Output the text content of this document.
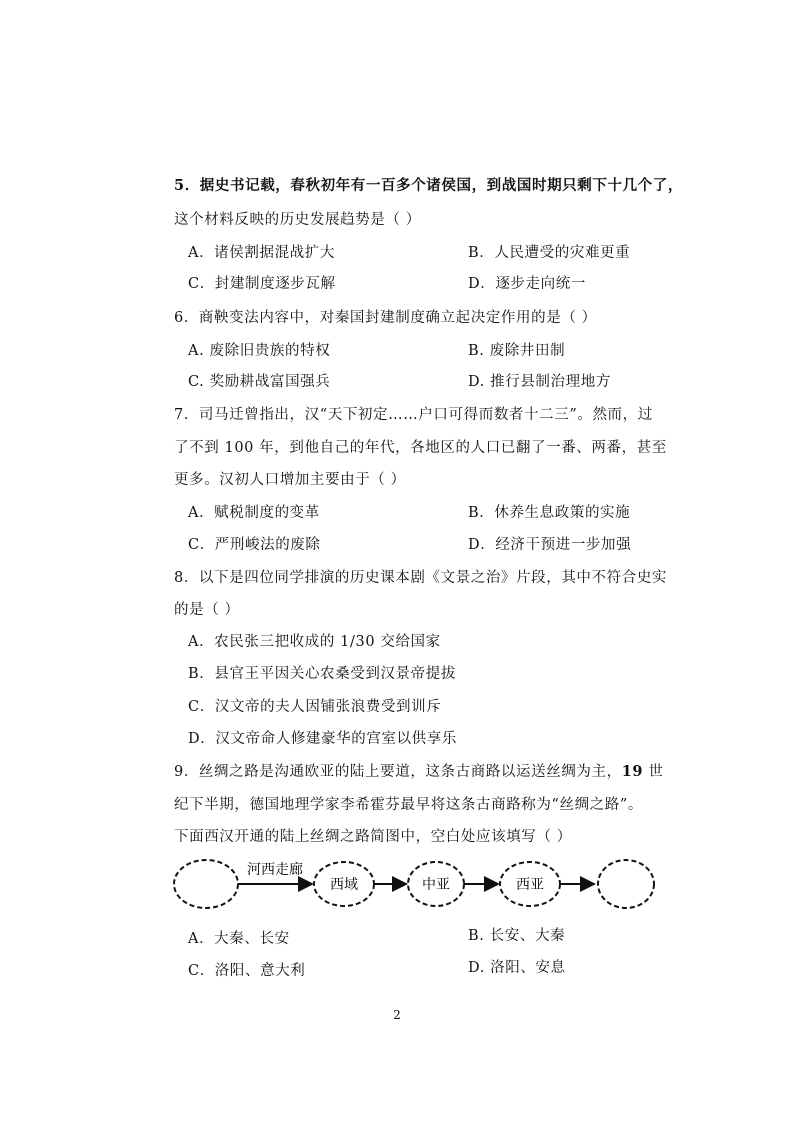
5．据史书记载，春秋初年有一百多个诸侯国，到战国时期只剩下十几个了，
这个材料反映的历史发展趋势是（ ）
A．诸侯割据混战扩大	B．人民遭受的灾难更重
C．封建制度逐步瓦解	D．逐步走向统一
6．商鞅变法内容中，对秦国封建制度确立起决定作用的是（ ）
A. 废除旧贵族的特权	B. 废除井田制
C. 奖励耕战富国强兵	D. 推行县制治理地方
7．司马迁曾指出，汉“天下初定……户口可得而数者十二三”。然而，过
了不到 100 年，到他自己的年代，各地区的人口已翻了一番、两番，甚至
更多。汉初人口增加主要由于（ ）
A．赋税制度的变革	B．休养生息政策的实施
C．严刑峻法的废除	D．经济干预进一步加强
8．以下是四位同学排演的历史课本剧《文景之治》片段，其中不符合史实
的是（ ）
A．农民张三把收成的 1/30 交给国家
B．县官王平因关心农桑受到汉景帝提拔
C．汉文帝的夫人因铺张浪费受到训斥
D．汉文帝命人修建豪华的宫室以供享乐
9．丝绸之路是沟通欧亚的陆上要道，这条古商路以运送丝绸为主，19 世
纪下半期，德国地理学家李希霍芬最早将这条古商路称为“丝绸之路”。
下面西汉开通的陆上丝绸之路简图中，空白处应该填写（ ）
河西走廊
西域	中亚	西亚
A．大秦、长安	B. 长安、大秦
C．洛阳、意大利	D. 洛阳、安息
2
